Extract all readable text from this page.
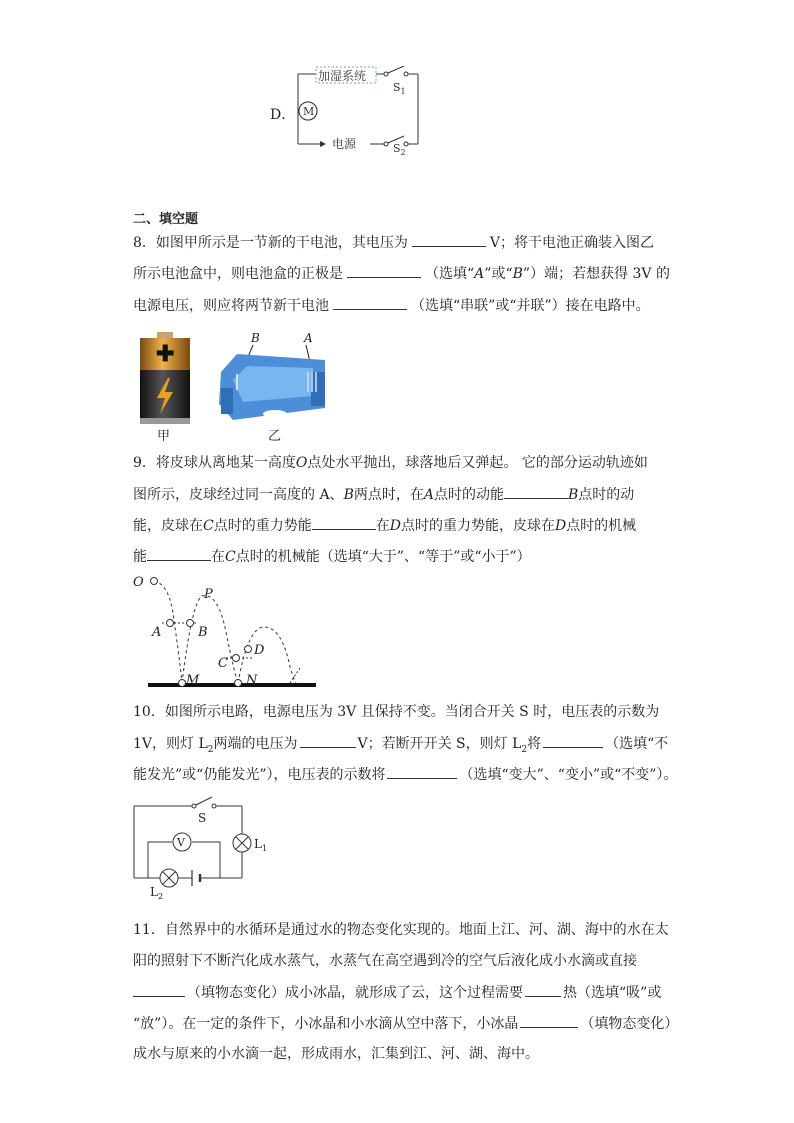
D．
加湿系统
M
电源
$S_1$
$S_2$
二、填空题
8．如图甲所示是一节新的干电池，其电压为	V；将干电池正确装入图乙
所示电池盒中，则电池盒的正极是	（选填“A”或“B”）端；若想获得 3V 的
电源电压，则应将两节新干电池	（选填“串联”或“并联”）接在电路中。
✚
甲
B	A
乙
9．将皮球从离地某一高度O点处水平抛出，球落地后又弹起。 它的部分运动轨迹如
图所示，皮球经过同一高度的 A、B两点时，在A点时的动能	B点时的动
能，皮球在C点时的重力势能	在D点时的重力势能，皮球在D点时的机械
能	在C点时的机械能（选填“大于”、“等于”或“小于”）
O
P
A	B
C
D
M	N
10．如图所示电路，电源电压为 3V 且保持不变。当闭合开关 S 时，电压表的示数为
1V，则灯 $L_2$两端的电压为	V；若断开开关 S，则灯 $L_2$将	（选填“不
能发光”或“仍能发光”），电压表的示数将	（选填“变大”、“变小”或“不变”）。
V
S
$L_1$
$L_2$
11．自然界中的水循环是通过水的物态变化实现的。地面上江、河、湖、海中的水在太
阳的照射下不断汽化成水蒸气，水蒸气在高空遇到冷的空气后液化成小水滴或直接
（填物态变化）成小冰晶，就形成了云，这个过程需要	热（选填“吸”或
“放”）。在一定的条件下，小冰晶和小水滴从空中落下，小冰晶	（填物态变化）
成水与原来的小水滴一起，形成雨水，汇集到江、河、湖、海中。
